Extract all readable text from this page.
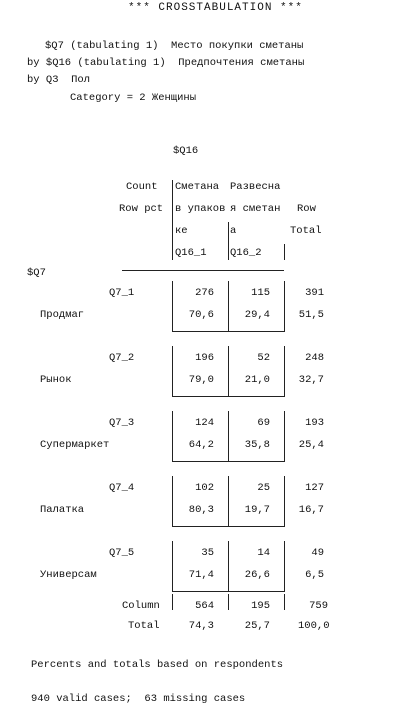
*** CROSSTABULATION ***
$Q7 (tabulating 1)  Место покупки сметаны
by $Q16 (tabulating 1)  Предпочтения сметаны
by Q3  Пол
Category = 2 Женщины
$Q16
Count
Row pct
Сметана
в упаков
ке
Q16_1
Развесна
я сметан
а
Q16_2
Row
Total
$Q7
Q7_1
Продмаг
276	115	391
70,6	29,4	51,5
Q7_2
Рынок
196	52	248
79,0	21,0	32,7
Q7_3
Супермаркет
124	69	193
64,2	35,8	25,4
Q7_4
Палатка
102	25	127
80,3	19,7	16,7
Q7_5
Универсам
35	14	49
71,4	26,6	6,5
Column
Total
564	195	759
74,3	25,7	100,0
Percents and totals based on respondents
940 valid cases;  63 missing cases
